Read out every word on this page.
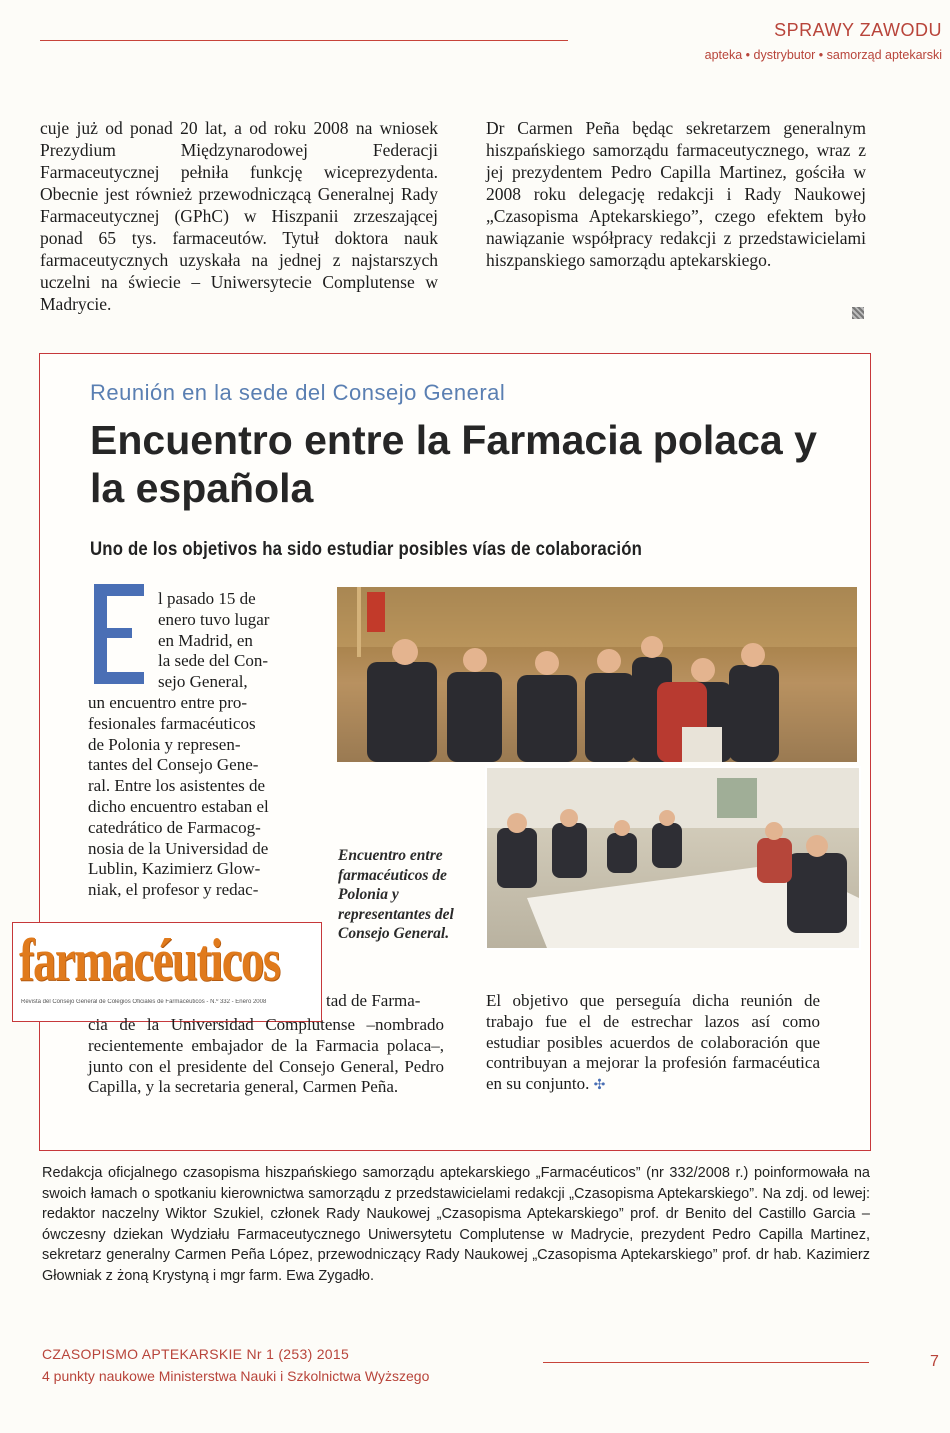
SPRAWY ZAWODU
apteka • dystrybutor • samorząd aptekarski
cuje już od ponad 20 lat, a od roku 2008 na wniosek Prezydium Międzynarodowej Federacji Farmaceutycznej pełniła funkcję wiceprezydenta. Obecnie jest również przewodniczącą Generalnej Rady Farmaceutycznej (GPhC) w Hiszpanii zrzeszającej ponad 65 tys. farmaceutów. Tytuł doktora nauk farmaceutycznych uzyskała na jednej z najstarszych uczelni na świecie – Uniwersytecie Complutense w Madrycie.
Dr Carmen Peña będąc sekretarzem generalnym hiszpańskiego samorządu farmaceutycznego, wraz z jej prezydentem Pedro Capilla Martinez, gościła w 2008 roku delegację redakcji i Rady Naukowej „Czasopisma Aptekarskiego”, czego efektem było nawiązanie współpracy redakcji z przedstawicielami hiszpanskiego samorządu aptekarskiego.
Reunión en la sede del Consejo General
Encuentro entre la Farmacia polaca y la española
Uno de los objetivos ha sido estudiar posibles vías de colaboración
l pasado 15 de
enero tuvo lugar
en Madrid, en
la sede del Con-
sejo General,
un encuentro entre pro-
fesionales farmacéuticos
de Polonia y represen-
tantes del Consejo Gene-
ral. Entre los asistentes de
dicho encuentro estaban el
catedrático de Farmacog-
nosia de la Universidad de
Lublin, Kazimierz Glow-
niak, el profesor y redac-
Encuentro entre farmacéuticos de Polonia y representantes del Consejo General.
farmacéuticos
Revista del Consejo General de Colegios Oficiales de Farmacéuticos - N.º 332 - Enero 2008	tad de Farma-
cia de la Universidad Complutense –nombrado recientemente embajador de la Farmacia polaca–, junto con el presidente del Consejo General, Pedro Capilla, y la secretaria general, Carmen Peña.
El objetivo que perseguía dicha reunión de trabajo fue el de estrechar lazos así como estudiar posibles acuerdos de colaboración que contribuyan a mejorar la profesión farmacéutica en su conjunto. ✣
Redakcja oficjalnego czasopisma hiszpańskiego samorządu aptekarskiego „Farmacéuticos” (nr 332/2008 r.) poinformowała na swoich łamach o spotkaniu kierownictwa samorządu z przedstawicielami redakcji „Czasopisma Aptekarskiego”. Na zdj. od lewej: redaktor naczelny Wiktor Szukiel, członek Rady Naukowej „Czasopisma Aptekarskiego” prof. dr Benito del Castillo Garcia – ówczesny dziekan Wydziału Farmaceutycznego Uniwersytetu Complutense w Madrycie, prezydent Pedro Capilla Martinez, sekretarz generalny Carmen Peña López, przewodniczący Rady Naukowej „Czasopisma Aptekarskiego” prof. dr hab. Kazimierz Głowniak z żoną Krystyną i mgr farm. Ewa Zygadło.
CZASOPISMO APTEKARSKIE Nr 1 (253) 2015
4 punkty naukowe Ministerstwa Nauki i Szkolnictwa Wyższego
7
